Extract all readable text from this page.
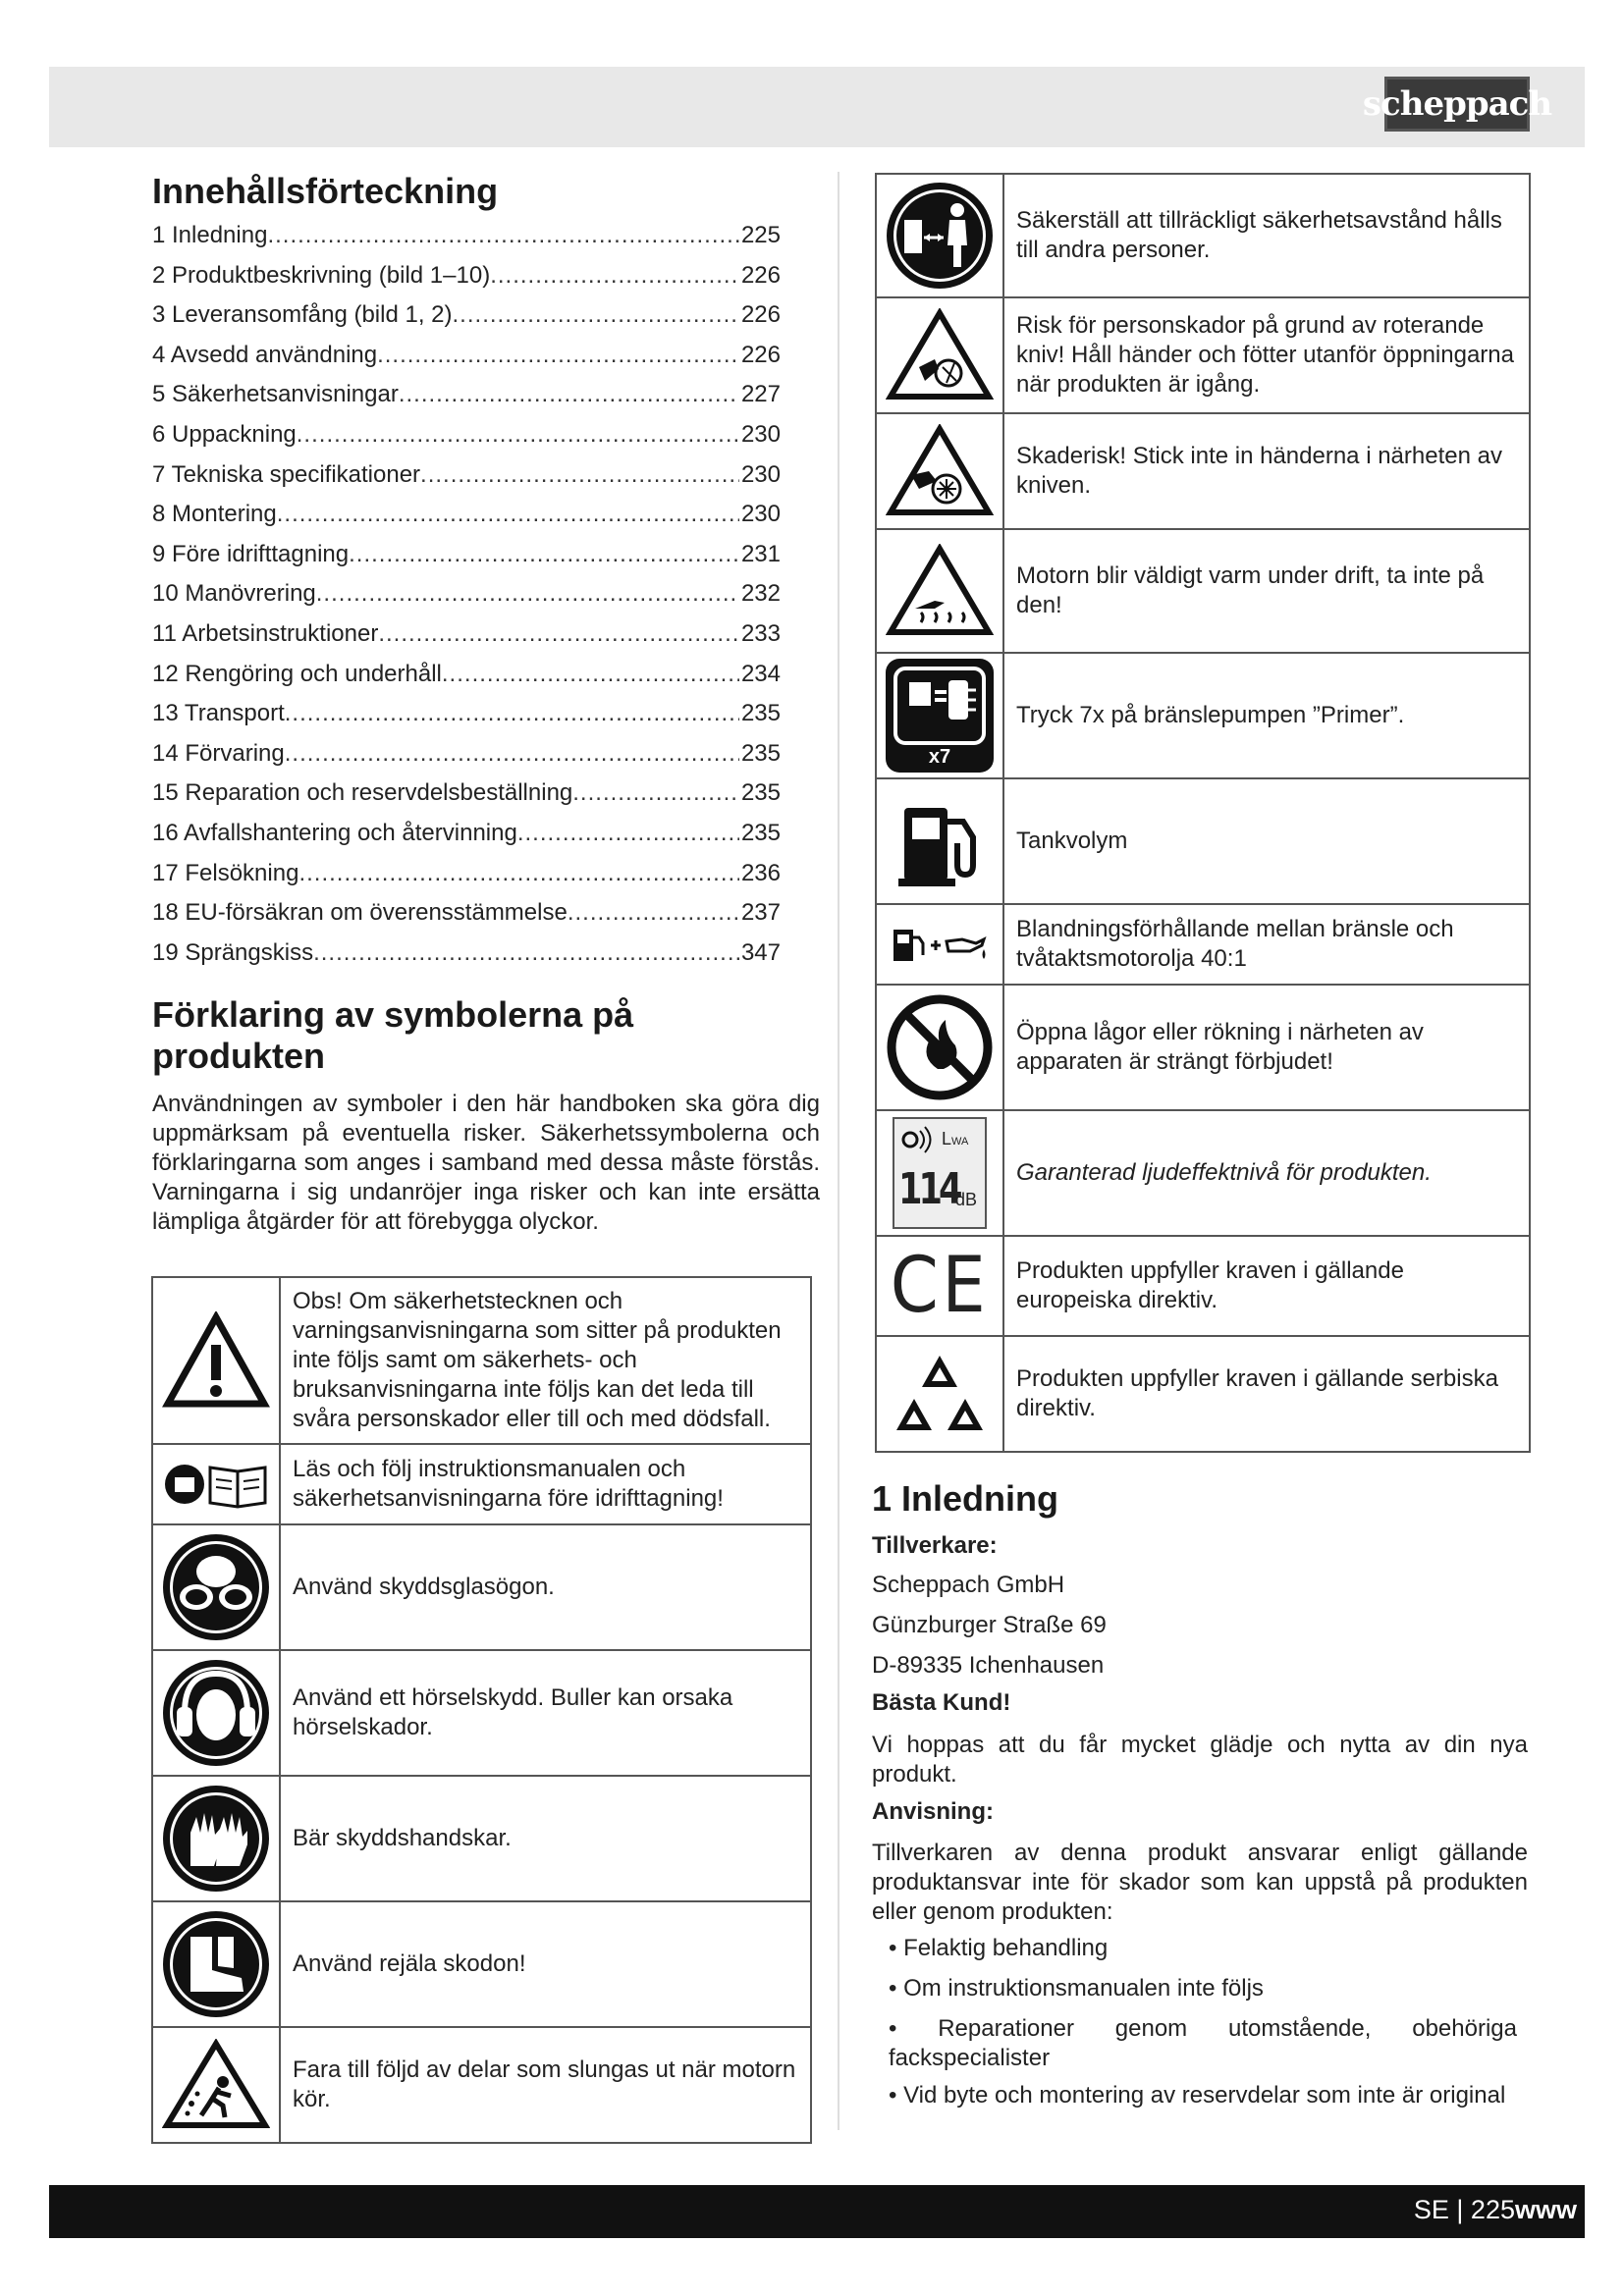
scheppach
Innehållsförteckning
1 Inledning .....	225
2 Produktbeskrivning (bild 1–10) .....	226
3 Leveransomfång (bild 1, 2) .....	226
4 Avsedd användning .....	226
5 Säkerhetsanvisningar .....	227
6 Uppackning .....	230
7 Tekniska specifikationer .....	230
8 Montering .....	230
9 Före idrifttagning .....	231
10 Manövrering .....	232
11 Arbetsinstruktioner .....	233
12 Rengöring och underhåll .....	234
13 Transport .....	235
14 Förvaring .....	235
15 Reparation och reservdelsbeställning .....	235
16 Avfallshantering och återvinning .....	235
17 Felsökning .....	236
18 EU-försäkran om överensstämmelse .....	237
19 Sprängskiss .....	347
Förklaring av symbolerna på
produkten
Användningen av symboler i den här handboken ska göra dig uppmärksam på eventuella risker. Säkerhetssymbolerna och förklaringarna som anges i samband med dessa måste förstås. Varningarna i sig undanröjer inga risker och kan inte ersätta lämpliga åtgärder för att förebygga olyckor.
	Obs! Om säkerhetstecknen och varningsanvisningarna som sitter på produkten inte följs samt om säkerhets- och bruksanvisningarna inte följs kan det leda till svåra personskador eller till och med dödsfall.

	Läs och följ instruktionsmanualen och säkerhetsanvisningarna före idrifttagning!

	Använd skyddsglasögon.

	Använd ett hörselskydd. Buller kan orsaka hörselskador.

	Bär skyddshandskar.

	Använd rejäla skodon!

	Fara till följd av delar som slungas ut när motorn kör.
	Säkerställ att tillräckligt säkerhetsavstånd hålls till andra personer.

	Risk för personskador på grund av roterande kniv! Håll händer och fötter utanför öppningarna när produkten är igång.

	Skaderisk! Stick inte in händerna i närheten av kniven.

	Motorn blir väldigt varm under drift, ta inte på den!

x7	Tryck 7x på bränslepumpen ”Primer”.

	Tankvolym

	Blandningsförhållande mellan bränsle och tvåtaktsmotorolja 40:1

	Öppna lågor eller rökning i närheten av apparaten är strängt förbjudet!

LWA
114
dB	Garanterad ljudeffektnivå för produkten.

CE	Produkten uppfyller kraven i gällande europeiska direktiv.

	Produkten uppfyller kraven i gällande serbiska direktiv.
1 Inledning
Tillverkare:
Scheppach GmbH
Günzburger Straße 69
D-89335 Ichenhausen
Bästa Kund!
Vi hoppas att du får mycket glädje och nytta av din nya produkt.
Anvisning:
Tillverkaren av denna produkt ansvarar enligt gällande produktansvar inte för skador som kan uppstå på produkten eller genom produkten:
• Felaktig behandling
• Om instruktionsmanualen inte följs
• Reparationer genom utomstående, obehöriga fackspecialister
• Vid byte och montering av reservdelar som inte är original
SE | 225www
